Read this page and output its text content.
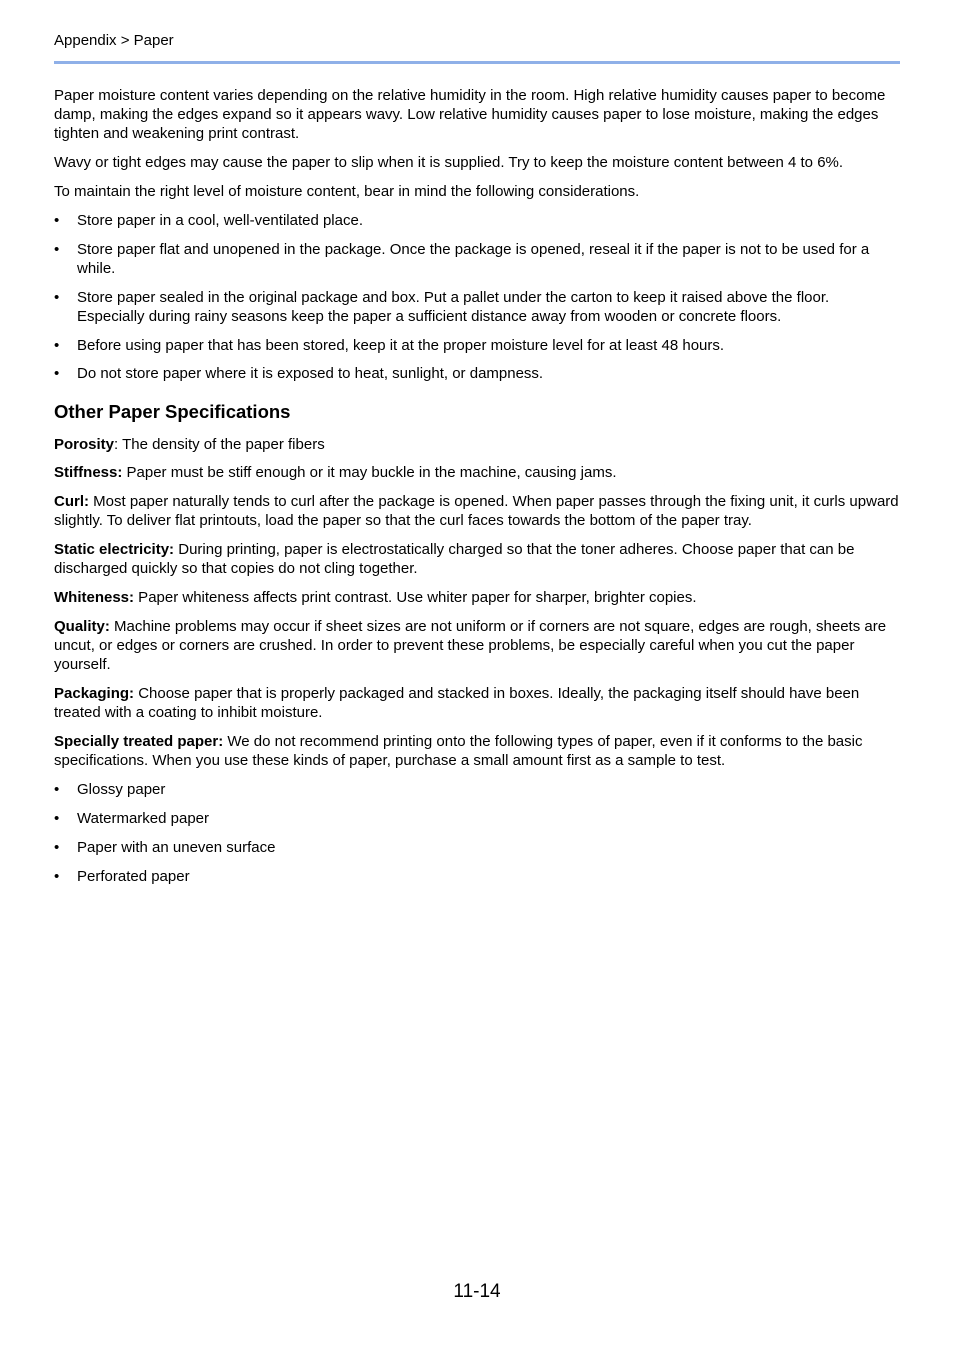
Appendix > Paper

Paper moisture content varies depending on the relative humidity in the room. High relative humidity causes paper to become damp, making the edges expand so it appears wavy. Low relative humidity causes paper to lose moisture, making the edges tighten and weakening print contrast.

Wavy or tight edges may cause the paper to slip when it is supplied. Try to keep the moisture content between 4 to 6%.

To maintain the right level of moisture content, bear in mind the following considerations.

•	Store paper in a cool, well-ventilated place.
•	Store paper flat and unopened in the package. Once the package is opened, reseal it if the paper is not to be used for a while.
•	Store paper sealed in the original package and box. Put a pallet under the carton to keep it raised above the floor. Especially during rainy seasons keep the paper a sufficient distance away from wooden or concrete floors.
•	Before using paper that has been stored, keep it at the proper moisture level for at least 48 hours.
•	Do not store paper where it is exposed to heat, sunlight, or dampness.
Other Paper Specifications

Porosity: The density of the paper fibers

Stiffness: Paper must be stiff enough or it may buckle in the machine, causing jams.

Curl: Most paper naturally tends to curl after the package is opened. When paper passes through the fixing unit, it curls upward slightly. To deliver flat printouts, load the paper so that the curl faces towards the bottom of the paper tray.

Static electricity: During printing, paper is electrostatically charged so that the toner adheres. Choose paper that can be discharged quickly so that copies do not cling together.

Whiteness: Paper whiteness affects print contrast. Use whiter paper for sharper, brighter copies.

Quality: Machine problems may occur if sheet sizes are not uniform or if corners are not square, edges are rough, sheets are uncut, or edges or corners are crushed. In order to prevent these problems, be especially careful when you cut the paper yourself.

Packaging: Choose paper that is properly packaged and stacked in boxes. Ideally, the packaging itself should have been treated with a coating to inhibit moisture.

Specially treated paper: We do not recommend printing onto the following types of paper, even if it conforms to the basic specifications. When you use these kinds of paper, purchase a small amount first as a sample to test.

•	Glossy paper
•	Watermarked paper
•	Paper with an uneven surface
•	Perforated paper
11-14
